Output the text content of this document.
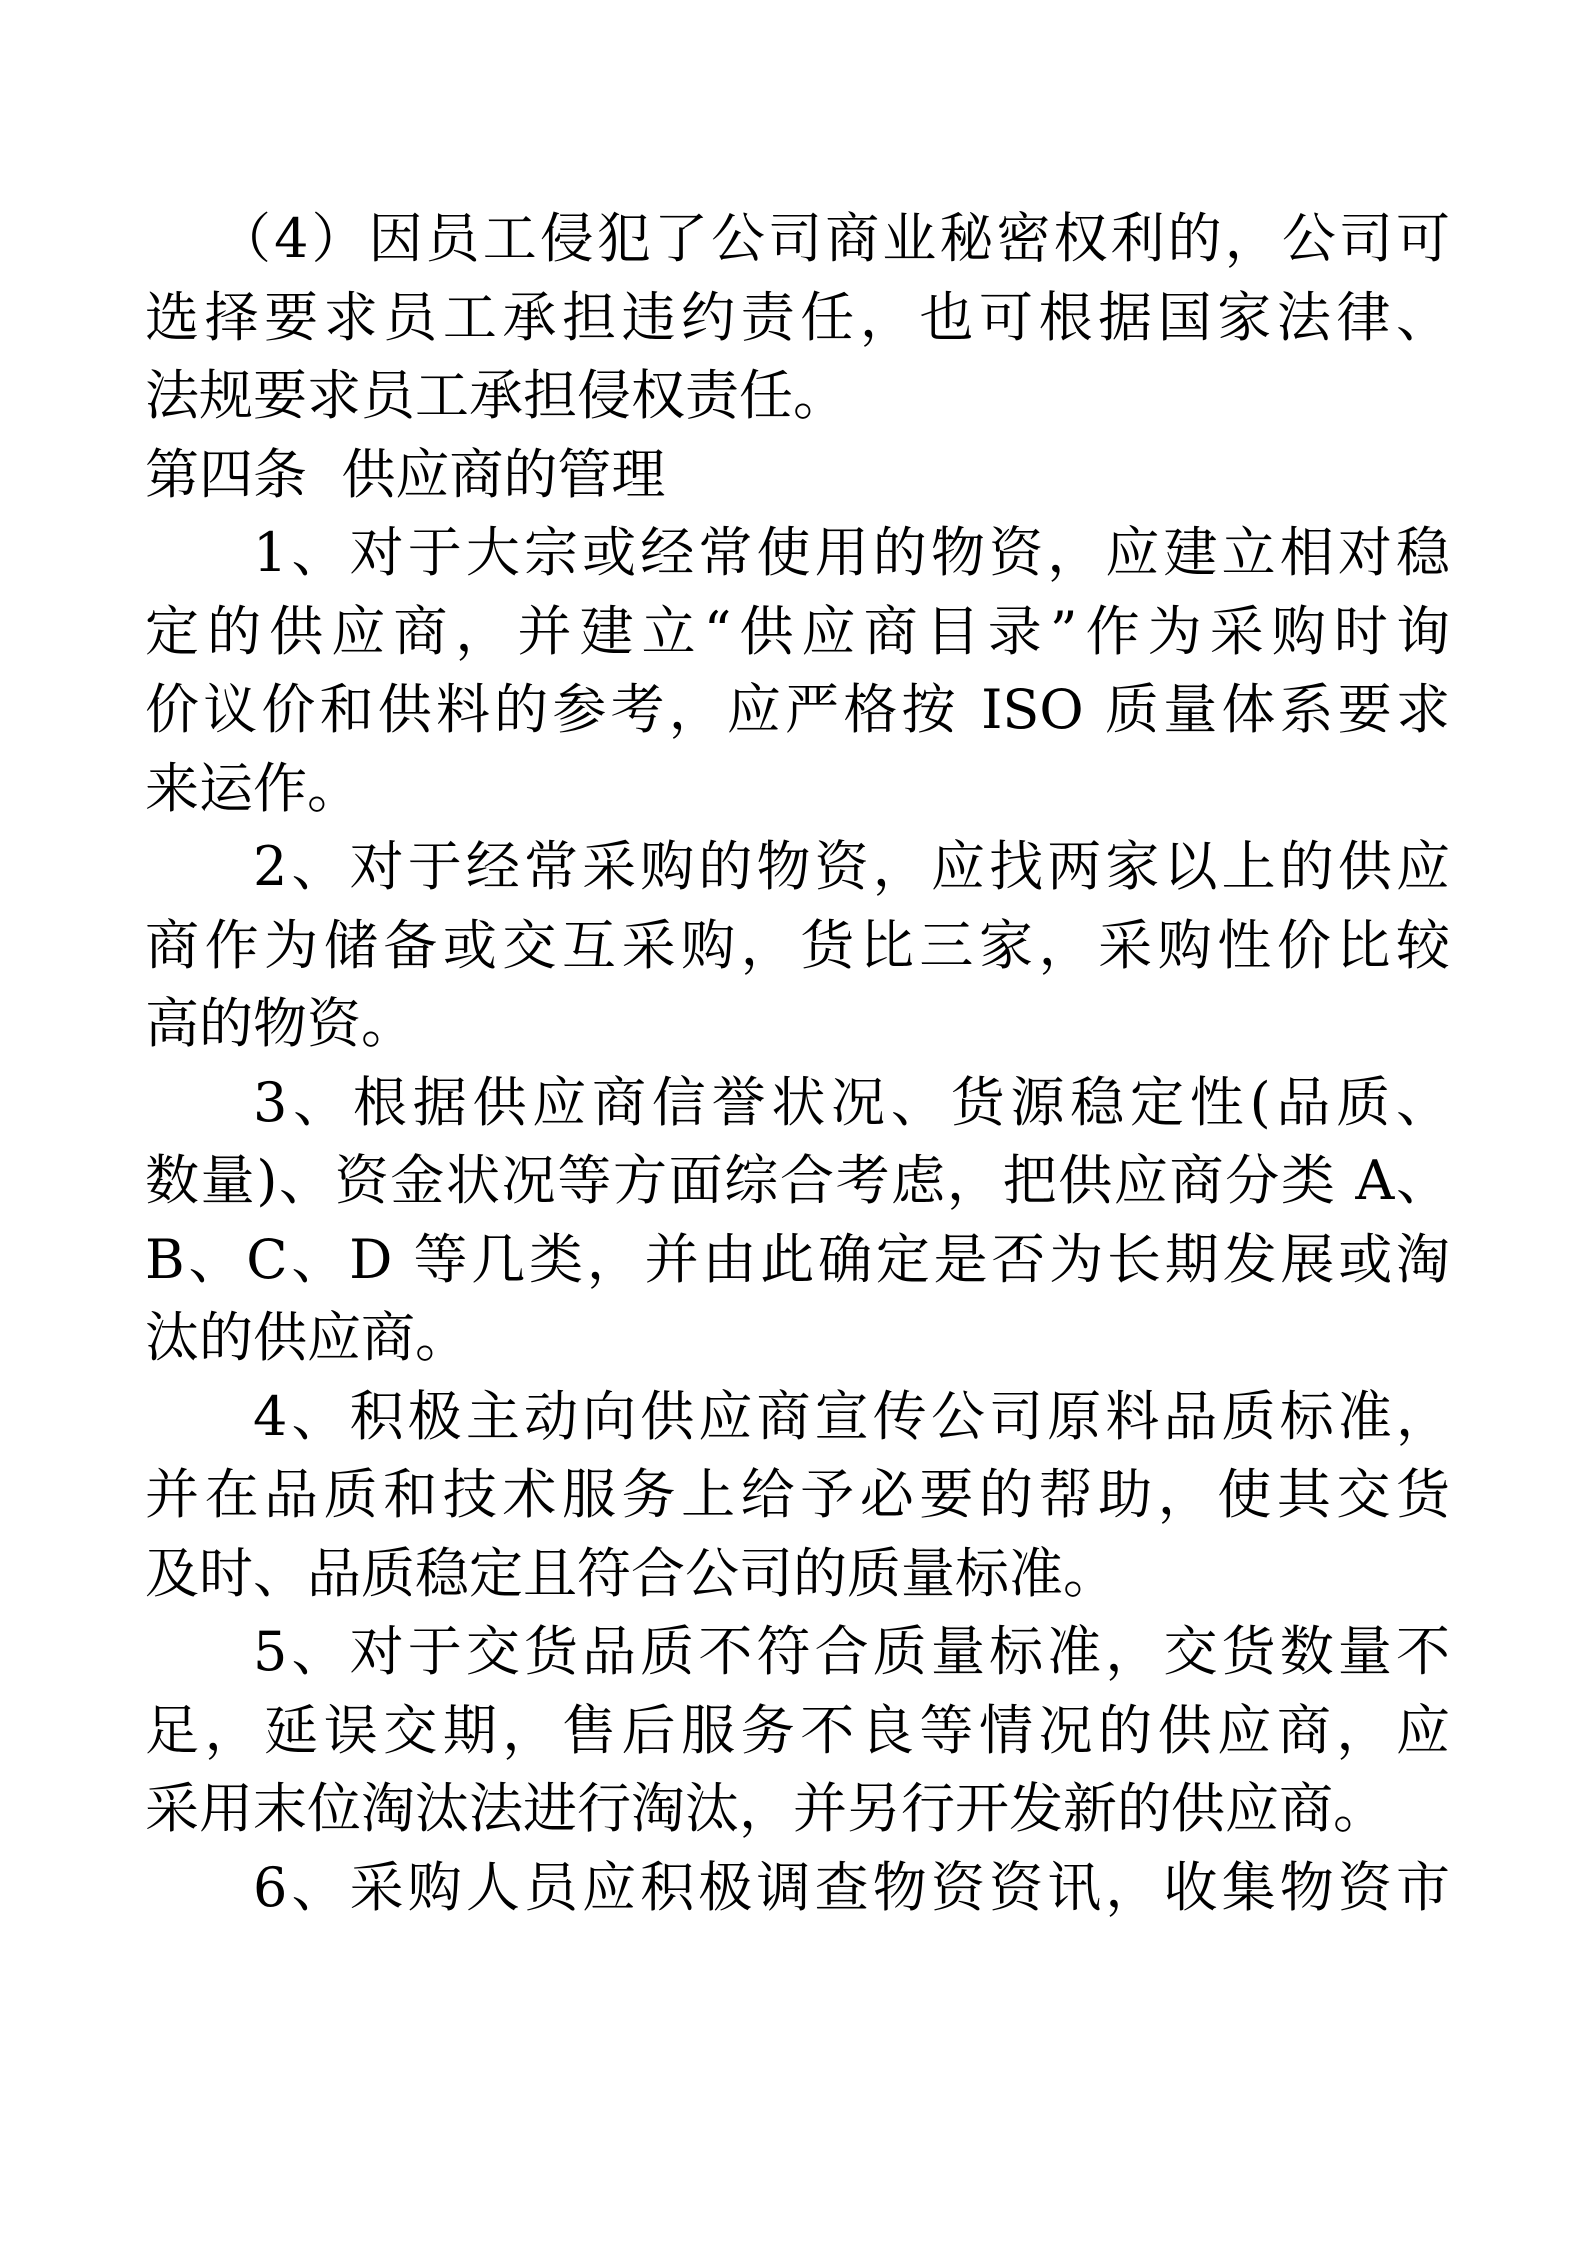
（4）因员工侵犯了公司商业秘密权利的，公司可
选择要求员工承担违约责任，也可根据国家法律、
法规要求员工承担侵权责任。
第四条  供应商的管理
1、对于大宗或经常使用的物资，应建立相对稳
定的供应商，并建立“供应商目录”作为采购时询
价议价和供料的参考，应严格按 ISO 质量体系要求
来运作。
2、对于经常采购的物资，应找两家以上的供应
商作为储备或交互采购，货比三家，采购性价比较
高的物资。
3、根据供应商信誉状况、货源稳定性(品质、
数量)、资金状况等方面综合考虑，把供应商分类 A、
B、C、D 等几类，并由此确定是否为长期发展或淘
汰的供应商。
4、积极主动向供应商宣传公司原料品质标准，
并在品质和技术服务上给予必要的帮助，使其交货
及时、品质稳定且符合公司的质量标准。
5、对于交货品质不符合质量标准，交货数量不
足，延误交期，售后服务不良等情况的供应商，应
采用末位淘汰法进行淘汰，并另行开发新的供应商。
6、采购人员应积极调查物资资讯，收集物资市
